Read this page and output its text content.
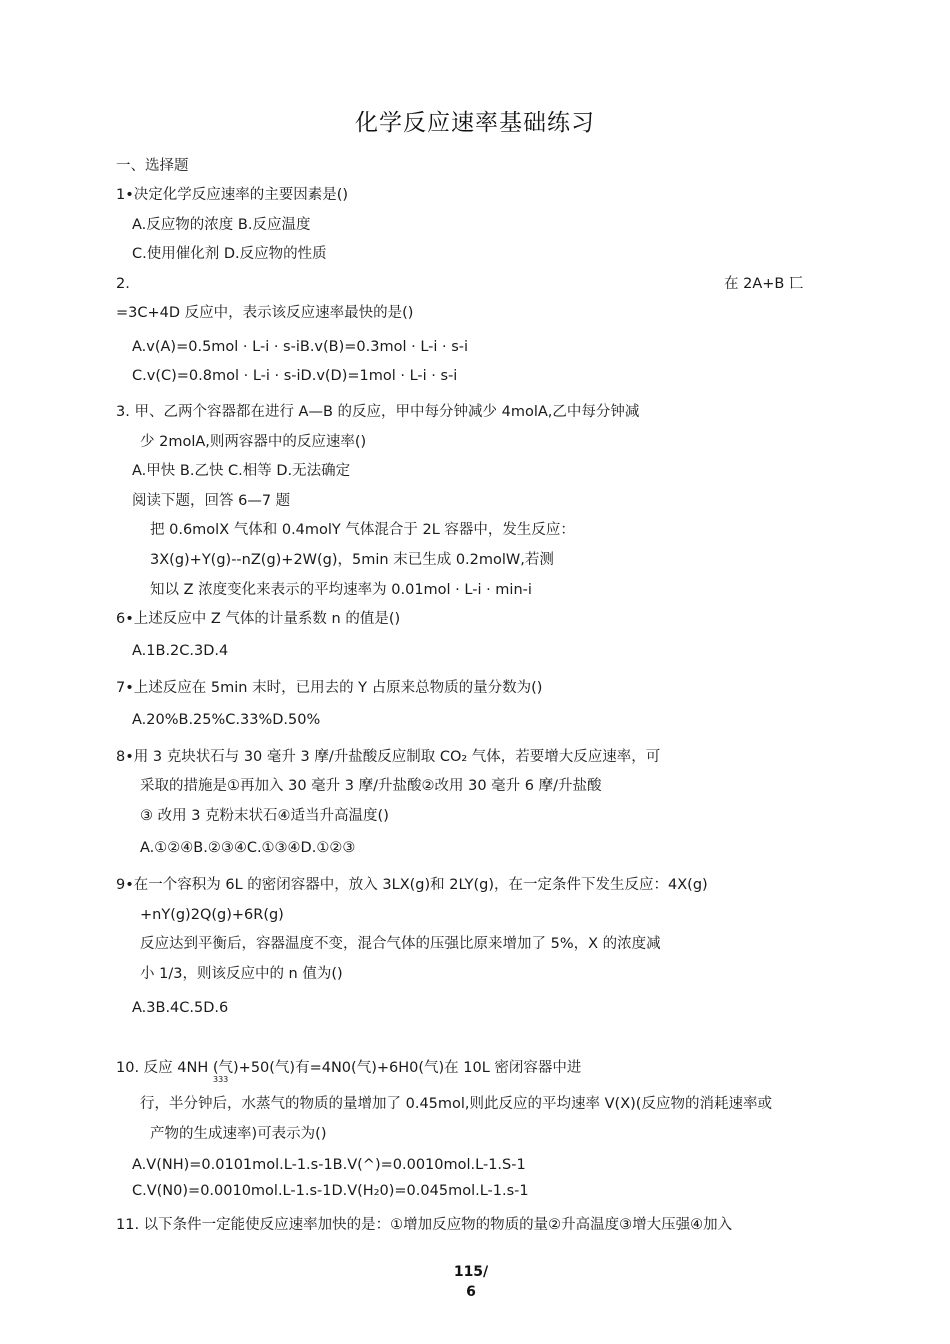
化学反应速率基础练习
一、选择题
1•决定化学反应速率的主要因素是()
A.反应物的浓度 B.反应温度
C.使用催化剂 D.反应物的性质
2.	在 2A+B 匸
=3C+4D 反应中，表示该反应速率最快的是()
A.v(A)=0.5mol · L-i · s-iB.v(B)=0.3mol · L-i · s-i
C.v(C)=0.8mol · L-i · s-iD.v(D)=1mol · L-i · s-i
3. 甲、乙两个容器都在进行 A—B 的反应，甲中每分钟减少 4molA,乙中每分钟减
少 2molA,则两容器中的反应速率()
A.甲快 B.乙快 C.相等 D.无法确定
阅读下题，回答 6—7 题
把 0.6molX 气体和 0.4molY 气体混合于 2L 容器中，发生反应：
3X(g)+Y(g)--nZ(g)+2W(g)，5min 末已生成 0.2molW,若测
知以 Z 浓度变化来表示的平均速率为 0.01mol · L-i · min-i
6•上述反应中 Z 气体的计量系数 n 的值是()
A.1B.2C.3D.4
7•上述反应在 5min 末时，已用去的 Y 占原来总物质的量分数为()
A.20%B.25%C.33%D.50%
8•用 3 克块状石与 30 毫升 3 摩/升盐酸反应制取 CO₂ 气体，若要增大反应速率，可
采取的措施是①再加入 30 毫升 3 摩/升盐酸②改用 30 毫升 6 摩/升盐酸
③ 改用 3 克粉末状石④适当升高温度()
A.①②④B.②③④C.①③④D.①②③
9•在一个容积为 6L 的密闭容器中，放入 3LX(g)和 2LY(g)，在一定条件下发生反应：4X(g)
+nY(g)2Q(g)+6R(g)
反应达到平衡后，容器温度不变，混合气体的压强比原来增加了 5%，X 的浓度减
小 1/3，则该反应中的 n 值为()
A.3B.4C.5D.6
10. 反应 4NH (气)+50(气)有=4N0(气)+6H0(气)在 10L 密闭容器中进
333
行，半分钟后，水蒸气的物质的量增加了 0.45mol,则此反应的平均速率 V(X)(反应物的消耗速率或
产物的生成速率)可表示为()
A.V(NH)=0.0101mol.L-1.s-1B.V(^)=0.0010mol.L-1.S-1
C.V(N0)=0.0010mol.L-1.s-1D.V(H₂0)=0.045mol.L-1.s-1
11. 以下条件一定能使反应速率加快的是：①增加反应物的物质的量②升高温度③增大压强④加入
115/
6
